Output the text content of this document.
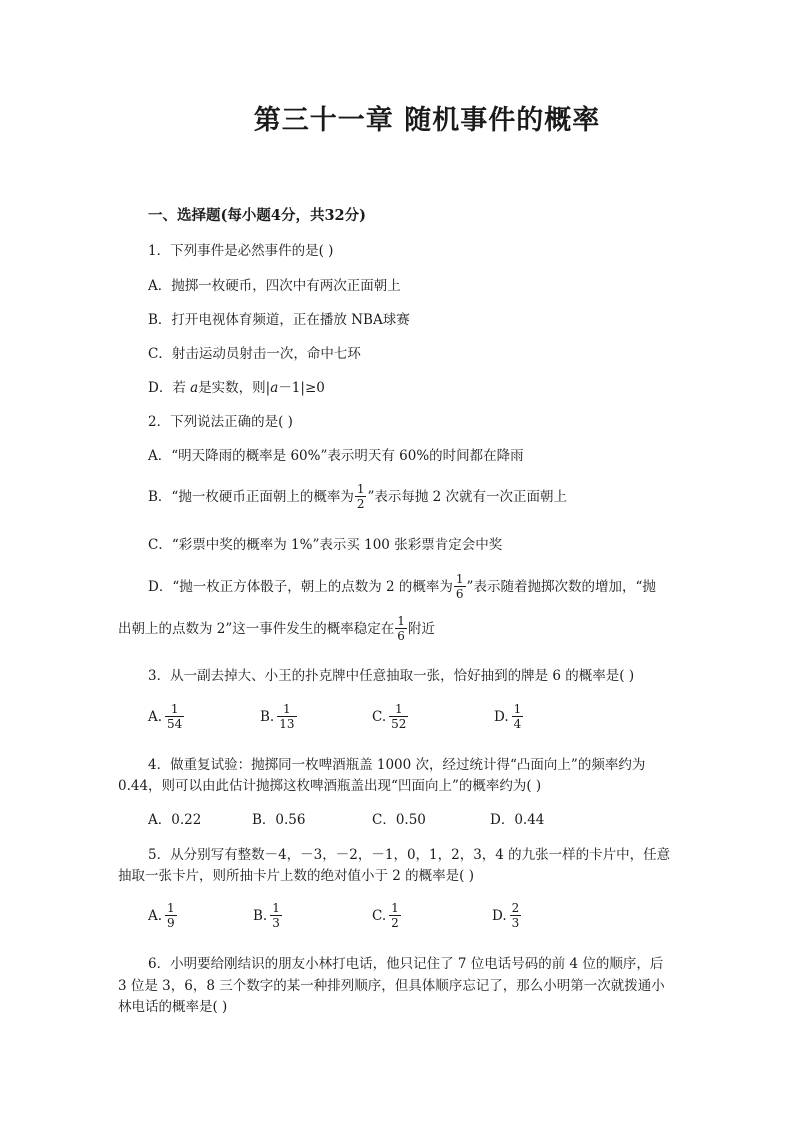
第三十一章 随机事件的概率
一、选择题(每小题4分，共32分)
1．下列事件是必然事件的是( )
A．抛掷一枚硬币，四次中有两次正面朝上
B．打开电视体育频道，正在播放 NBA球赛
C．射击运动员射击一次，命中七环
D．若 a是实数，则|a－1|≥0
2．下列说法正确的是( )
A．“明天降雨的概率是 60%”表示明天有 60%的时间都在降雨
B．“抛一枚硬币正面朝上的概率为 $\frac{1}{2}$ ”表示每抛 2 次就有一次正面朝上
C．“彩票中奖的概率为 1%”表示买 100 张彩票肯定会中奖
D．“抛一枚正方体骰子，朝上的点数为 2 的概率为 $\frac{1}{6}$ ”表示随着抛掷次数的增加，“抛
出朝上的点数为 2”这一事件发生的概率稳定在 $\frac{1}{6}$ 附近
3．从一副去掉大、小王的扑克牌中任意抽取一张，恰好抽到的牌是 6 的概率是( )
A. $\frac{1}{54}$	B. $\frac{1}{13}$	C. $\frac{1}{52}$	D. $\frac{1}{4}$
4．做重复试验：抛掷同一枚啤酒瓶盖 1000 次，经过统计得“凸面向上”的频率约为
0.44，则可以由此估计抛掷这枚啤酒瓶盖出现“凹面向上”的概率约为( )
A．0.22	B．0.56	C．0.50	D．0.44
5．从分别写有整数－4，－3，－2，－1，0，1，2，3，4 的九张一样的卡片中，任意
抽取一张卡片，则所抽卡片上数的绝对值小于 2 的概率是( )
A. $\frac{1}{9}$	B. $\frac{1}{3}$	C. $\frac{1}{2}$	D. $\frac{2}{3}$
6．小明要给刚结识的朋友小林打电话，他只记住了 7 位电话号码的前 4 位的顺序，后
3 位是 3，6，8 三个数字的某一种排列顺序，但具体顺序忘记了，那么小明第一次就拨通小
林电话的概率是( )
